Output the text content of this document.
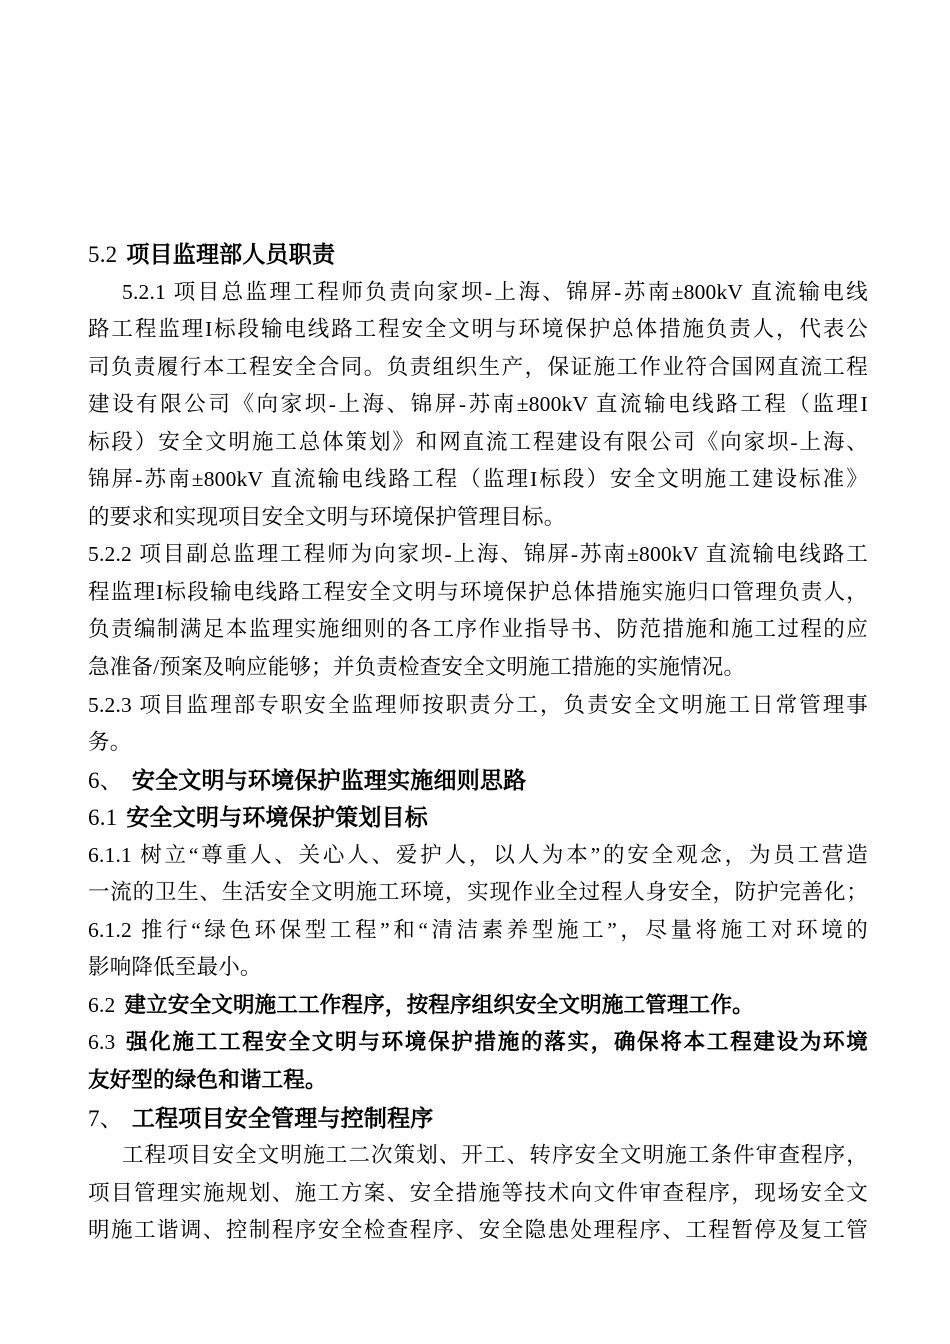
5.2 项目监理部人员职责
5.2.1 项目总监理工程师负责向家坝-上海、锦屏-苏南±800kV 直流输电线
路工程监理I标段输电线路工程安全文明与环境保护总体措施负责人，代表公
司负责履行本工程安全合同。负责组织生产，保证施工作业符合国网直流工程
建设有限公司《向家坝-上海、锦屏-苏南±800kV 直流输电线路工程（监理I
标段）安全文明施工总体策划》和网直流工程建设有限公司《向家坝-上海、
锦屏-苏南±800kV 直流输电线路工程（监理I标段）安全文明施工建设标准》
的要求和实现项目安全文明与环境保护管理目标。
5.2.2 项目副总监理工程师为向家坝-上海、锦屏-苏南±800kV 直流输电线路工
程监理I标段输电线路工程安全文明与环境保护总体措施实施归口管理负责人，
负责编制满足本监理实施细则的各工序作业指导书、防范措施和施工过程的应
急准备/预案及响应能够；并负责检查安全文明施工措施的实施情况。
5.2.3 项目监理部专职安全监理师按职责分工，负责安全文明施工日常管理事
务。
6、 安全文明与环境保护监理实施细则思路
6.1 安全文明与环境保护策划目标
6.1.1 树立“尊重人、关心人、爱护人，以人为本”的安全观念，为员工营造
一流的卫生、生活安全文明施工环境，实现作业全过程人身安全，防护完善化；
6.1.2 推行“绿色环保型工程”和“清洁素养型施工”，尽量将施工对环境的
影响降低至最小。
6.2 建立安全文明施工工作程序，按程序组织安全文明施工管理工作。
6.3 强化施工工程安全文明与环境保护措施的落实，确保将本工程建设为环境
友好型的绿色和谐工程。
7、 工程项目安全管理与控制程序
工程项目安全文明施工二次策划、开工、转序安全文明施工条件审查程序，
项目管理实施规划、施工方案、安全措施等技术向文件审查程序，现场安全文
明施工谐调、控制程序安全检查程序、安全隐患处理程序、工程暂停及复工管
